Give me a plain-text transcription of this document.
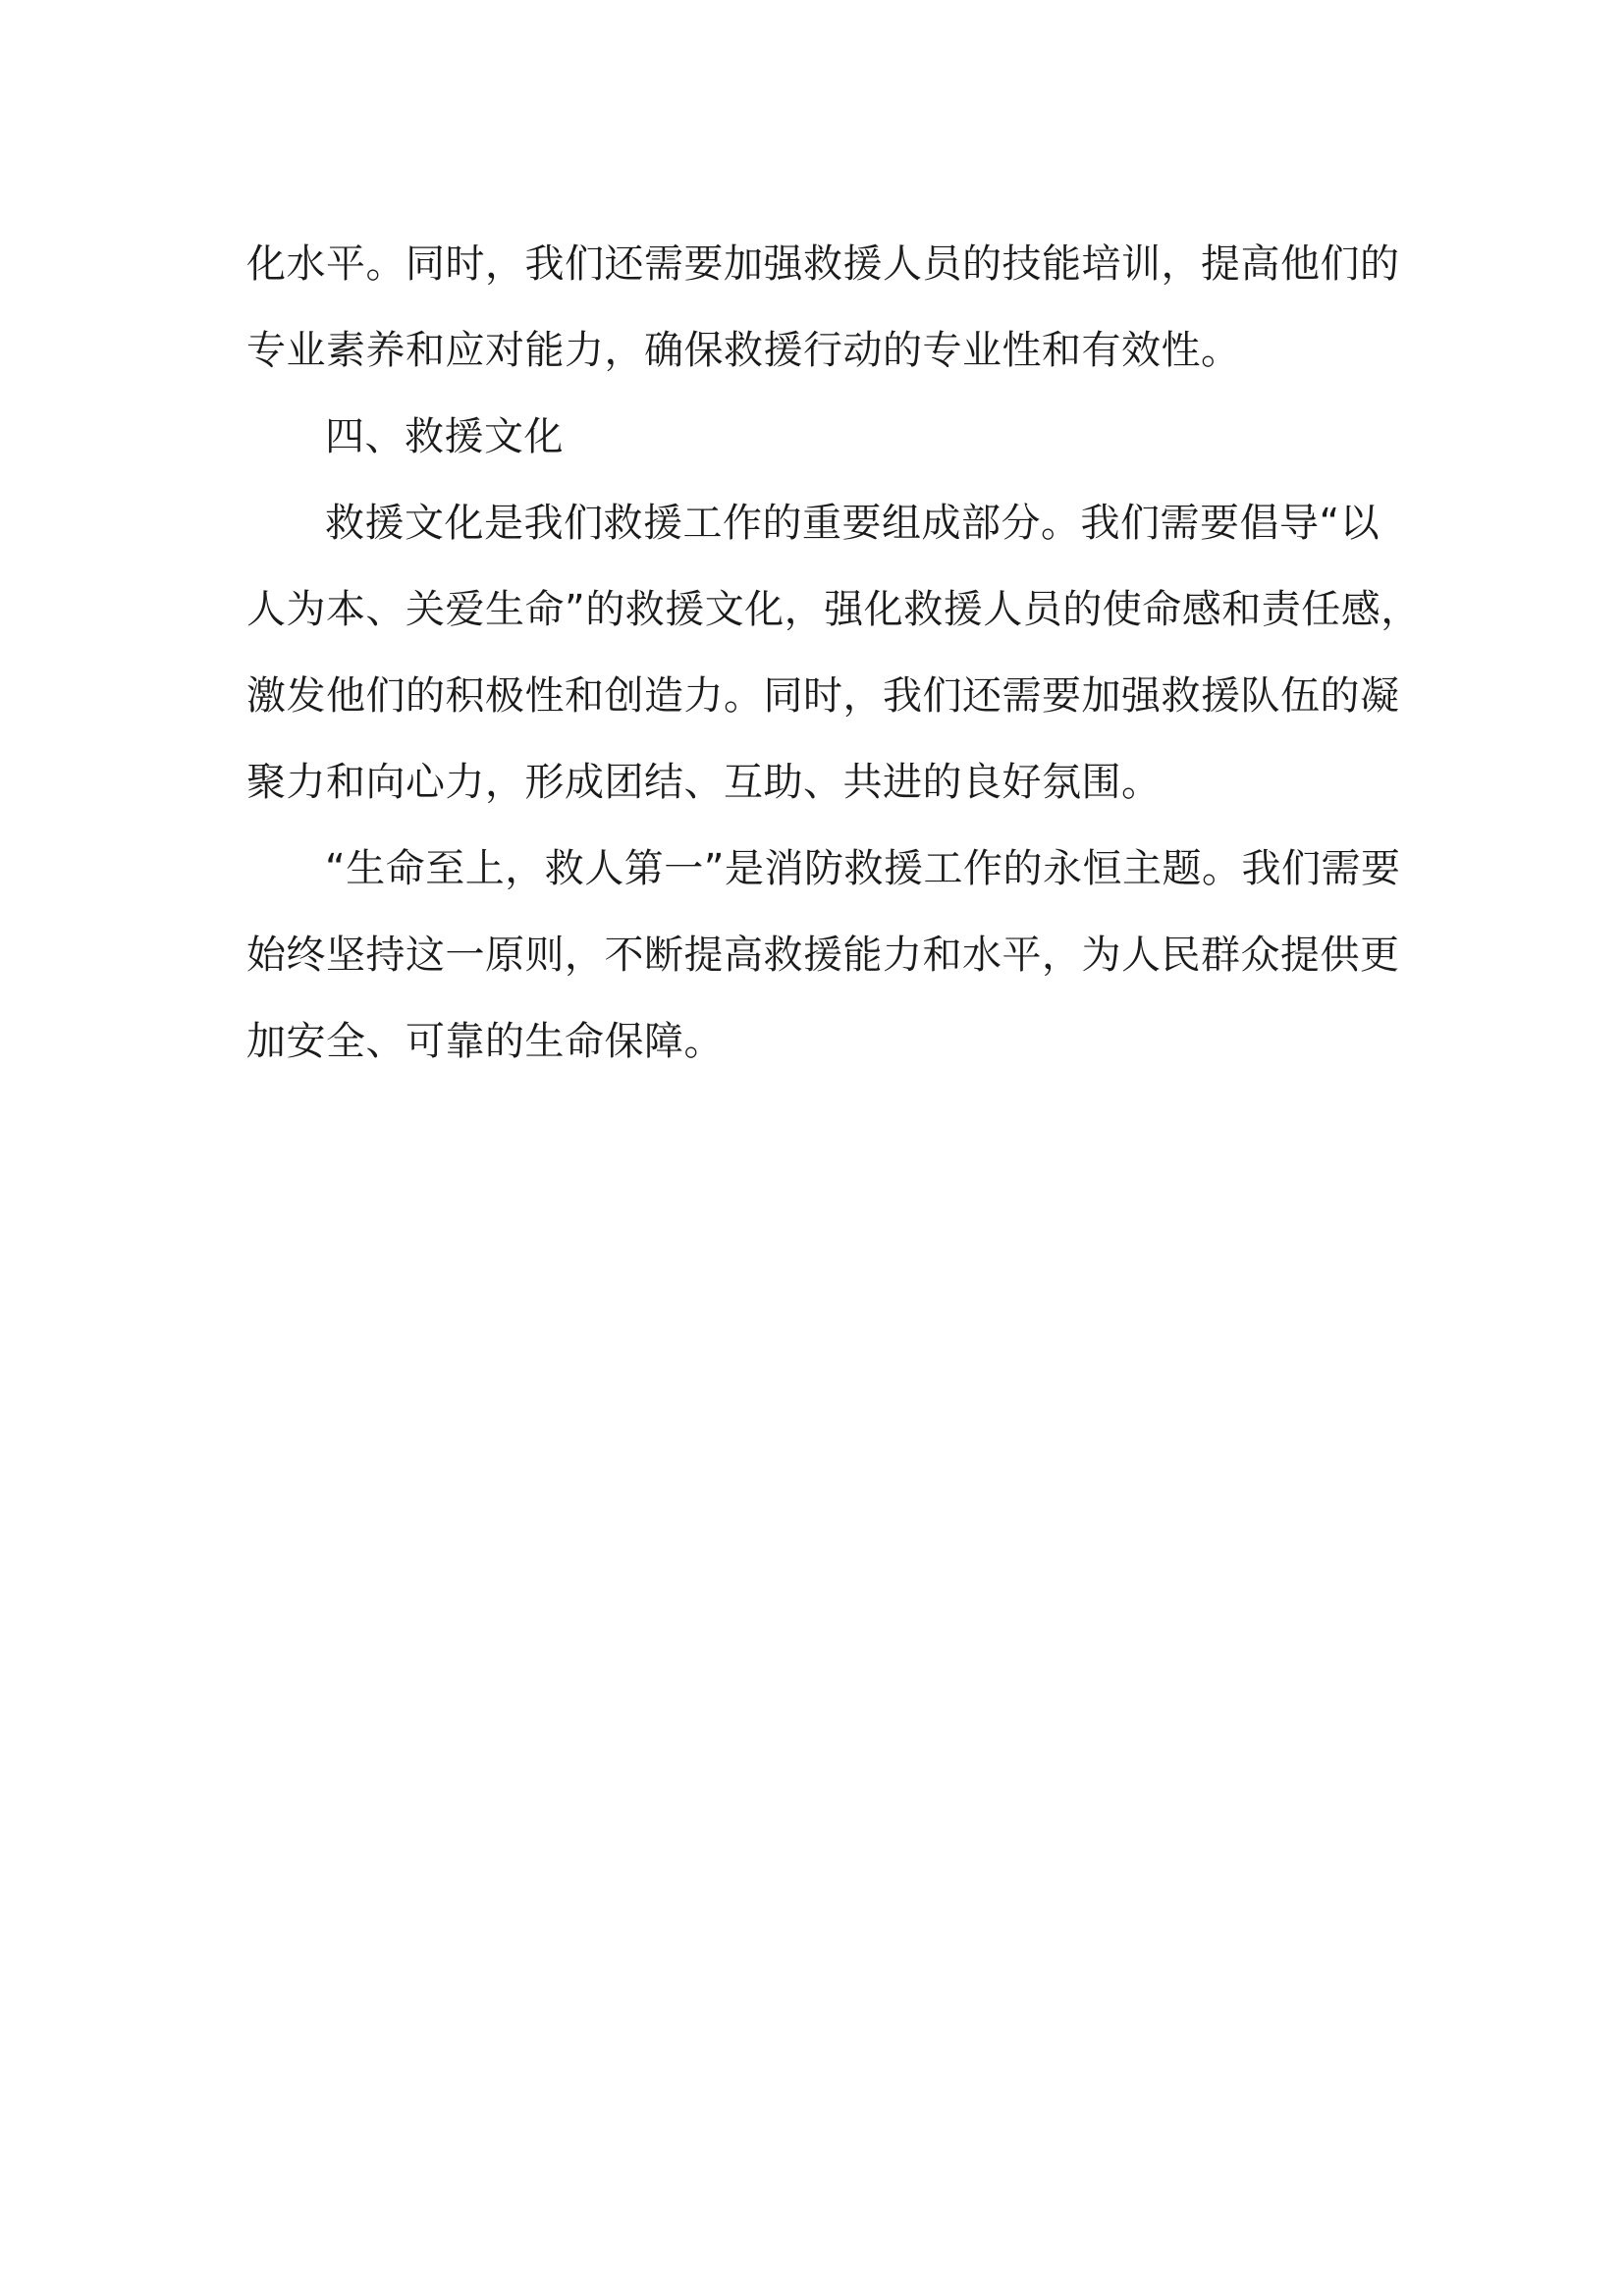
化水平。同时，我们还需要加强救援人员的技能培训，提高他们的
专业素养和应对能力，确保救援行动的专业性和有效性。
四、救援文化
救援文化是我们救援工作的重要组成部分。我们需要倡导“以
人为本、关爱生命”的救援文化，强化救援人员的使命感和责任感，
激发他们的积极性和创造力。同时，我们还需要加强救援队伍的凝
聚力和向心力，形成团结、互助、共进的良好氛围。
“生命至上，救人第一”是消防救援工作的永恒主题。我们需要
始终坚持这一原则，不断提高救援能力和水平，为人民群众提供更
加安全、可靠的生命保障。
